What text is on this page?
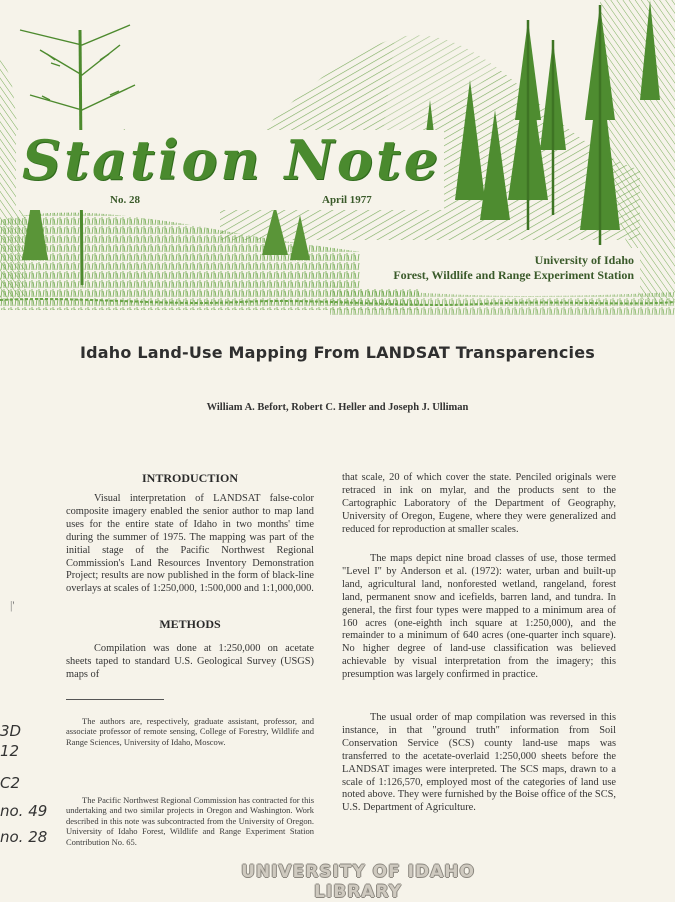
Station Note
No. 28	April 1977
University of Idaho
Forest, Wildlife and Range Experiment Station
Idaho Land-Use Mapping From LANDSAT Transparencies
William A. Befort, Robert C. Heller and Joseph J. Ulliman
|'
INTRODUCTION

Visual interpretation of LANDSAT false-color composite imagery enabled the senior author to map land uses for the entire state of Idaho in two months' time during the summer of 1975. The mapping was part of the initial stage of the Pacific Northwest Regional Commission's Land Resources Inventory Demonstration Project; results are now published in the form of black-line overlays at scales of 1:250,000, 1:500,000 and 1:1,000,000.

METHODS

Compilation was done at 1:250,000 on acetate sheets taped to standard U.S. Geological Survey (USGS) maps of

The authors are, respectively, graduate assistant, professor, and associate professor of remote sensing, College of Forestry, Wildlife and Range Sciences, University of Idaho, Moscow.

The Pacific Northwest Regional Commission has contracted for this undertaking and two similar projects in Oregon and Washington. Work described in this note was subcontracted from the University of Oregon. University of Idaho Forest, Wildlife and Range Experiment Station Contribution No. 65.

that scale, 20 of which cover the state. Penciled originals were retraced in ink on mylar, and the products sent to the Cartographic Laboratory of the Department of Geography, University of Oregon, Eugene, where they were generalized and reduced for reproduction at smaller scales.

The maps depict nine broad classes of use, those termed "Level I" by Anderson et al. (1972): water, urban and built-up land, agricultural land, nonforested wetland, rangeland, forest land, permanent snow and icefields, barren land, and tundra. In general, the first four types were mapped to a minimum area of 160 acres (one-eighth inch square at 1:250,000), and the remainder to a minimum of 640 acres (one-quarter inch square). No higher degree of land-use classification was believed achievable by visual interpretation from the imagery; this presumption was largely confirmed in practice.

The usual order of map compilation was reversed in this instance, in that "ground truth" information from Soil Conservation Service (SCS) county land-use maps was transferred to the acetate-overlaid 1:250,000 sheets before the LANDSAT images were interpreted. The SCS maps, drawn to a scale of 1:126,570, employed most of the categories of land use noted above. They were furnished by the Boise office of the SCS, U.S. Department of Agriculture.

3D
12
C2
no. 49
no. 28
UNIVERSITY OF IDAHO LIBRARY
